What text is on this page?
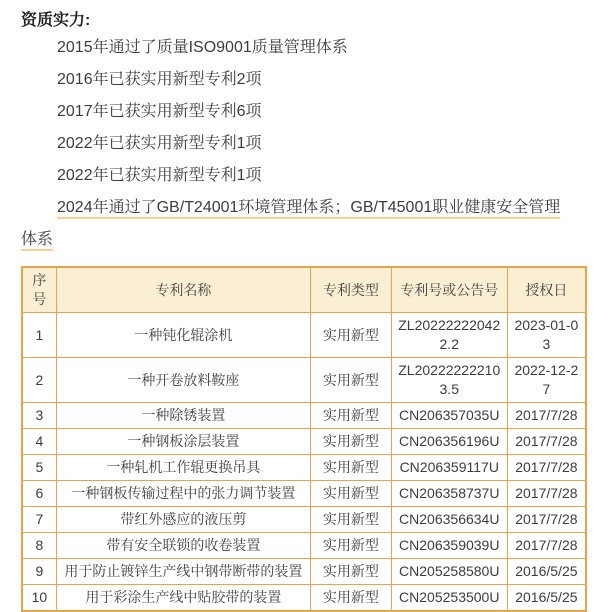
资质实力:

2015年通过了质量ISO9001质量管理体系

2016年已获实用新型专利2项

2017年已获实用新型专利6项

2022年已获实用新型专利1项

2022年已获实用新型专利1项

2024年通过了GB/T24001环境管理体系；GB/T45001职业健康安全管理体系

序号	专利名称	专利类型	专利号或公告号	授权日
1	一种钝化辊涂机	实用新型	ZL202222220422.2	2023-01-03
2	一种开卷放料鞍座	实用新型	ZL202222222103.5	2022-12-27
3	一种除锈装置	实用新型	CN206357035U	2017/7/28
4	一种钢板涂层装置	实用新型	CN206356196U	2017/7/28
5	一种轧机工作辊更换吊具	实用新型	CN206359117U	2017/7/28
6	一种钢板传输过程中的张力调节装置	实用新型	CN206358737U	2017/7/28
7	带红外感应的液压剪	实用新型	CN206356634U	2017/7/28
8	带有安全联锁的收卷装置	实用新型	CN206359039U	2017/7/28
9	用于防止镀锌生产线中钢带断带的装置	实用新型	CN205258580U	2016/5/25
10	用于彩涂生产线中贴胶带的装置	实用新型	CN205253500U	2016/5/25
